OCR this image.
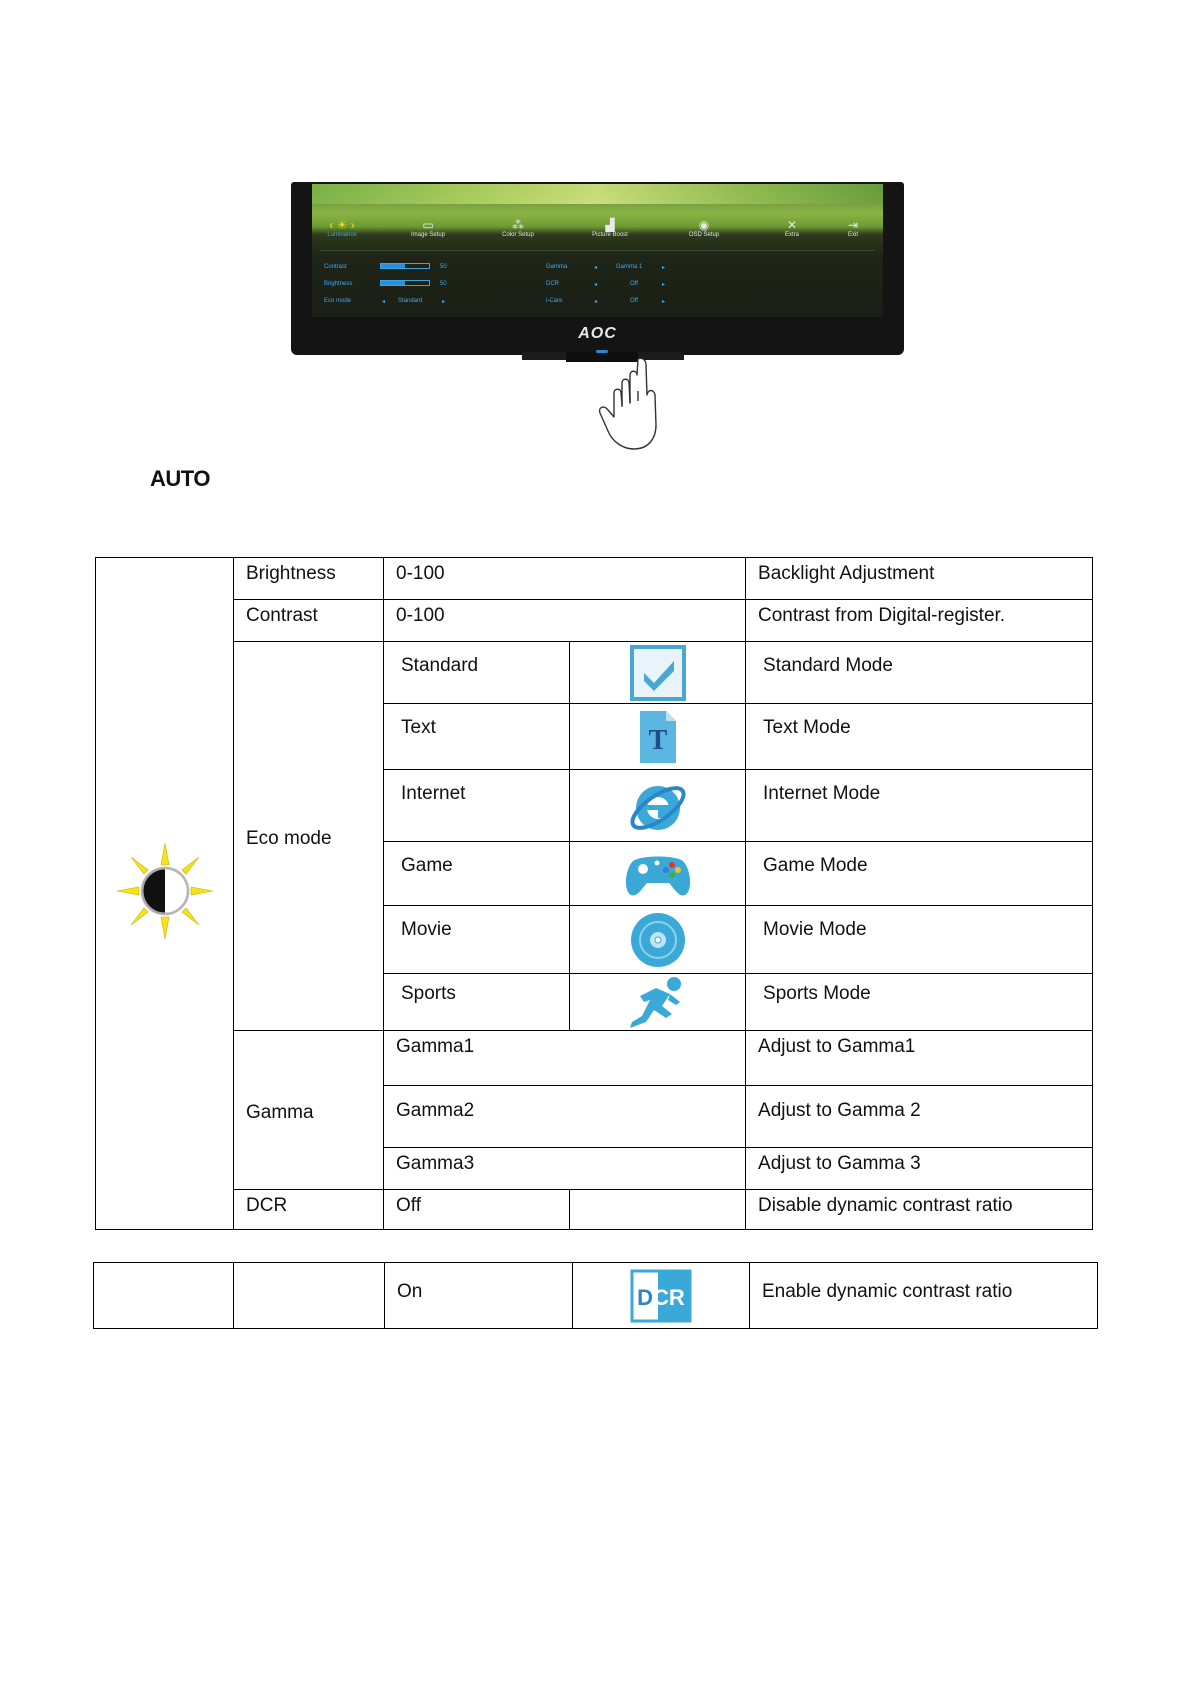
‹ ☀ ›
Luminance
▭
Image Setup
⁂
Color Setup
▟
Picture Boost
◉
OSD Setup
✕
Extra
⇥
Exit
Contrast	50
Brightness	50
Eco mode	◂ Standard	▸
Gamma	◂	Gamma 1	▸
DCR	◂	Off	▸
i-Care	◂	Off	▸
AOC
AUTO
	Brightness	0-100		Backlight Adjustment
	Contrast	0-100		Contrast from Digital-register.
	Eco mode	Standard		Standard Mode
		Text	T	Text Mode
		Internet		Internet Mode
		Game		Game Mode
		Movie		Movie Mode
		Sports		Sports Mode
	Gamma	Gamma1		Adjust to Gamma1
		Gamma2		Adjust to Gamma 2
		Gamma3		Adjust to Gamma 3
	DCR	Off		Disable dynamic contrast ratio
		On	DCR	Enable dynamic contrast ratio
